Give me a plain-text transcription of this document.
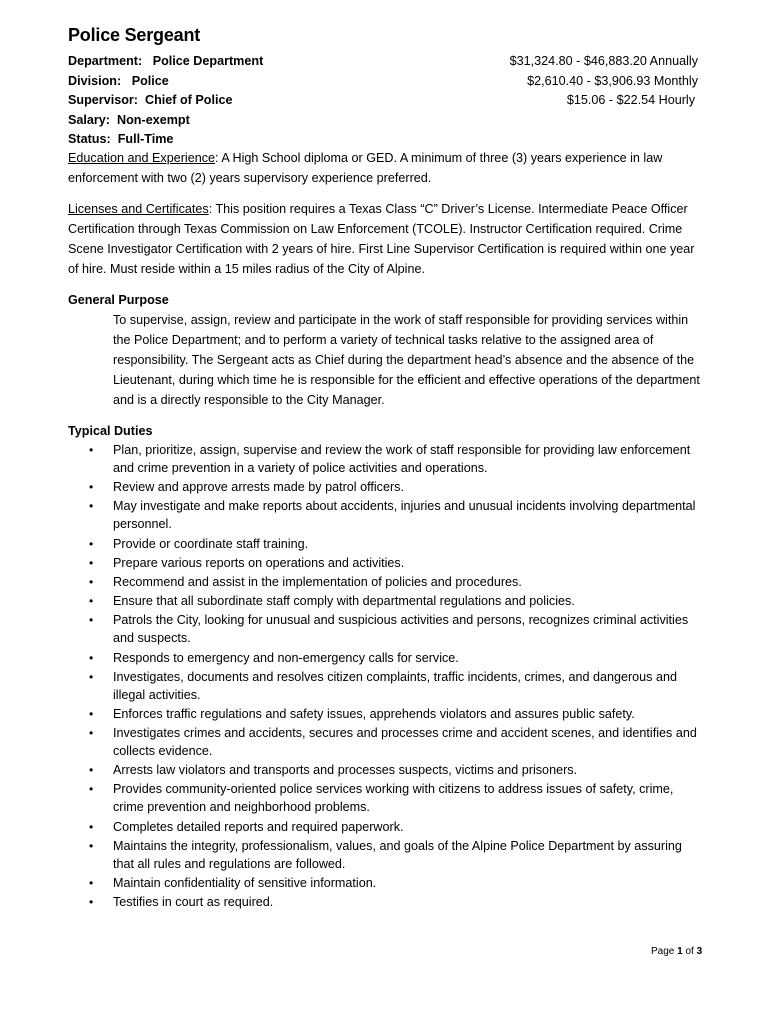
Police Sergeant
Department: Police Department	$31,324.80 - $46,883.20 Annually
Division: Police	$2,610.40 - $3,906.93 Monthly
Supervisor: Chief of Police	$15.06 - $22.54 Hourly
Salary: Non-exempt
Status: Full-Time
Education and Experience: A High School diploma or GED. A minimum of three (3) years experience in law enforcement with two (2) years supervisory experience preferred.
Licenses and Certificates: This position requires a Texas Class “C” Driver’s License. Intermediate Peace Officer Certification through Texas Commission on Law Enforcement (TCOLE). Instructor Certification required. Crime Scene Investigator Certification with 2 years of hire. First Line Supervisor Certification is required within one year of hire. Must reside within a 15 miles radius of the City of Alpine.
General Purpose
To supervise, assign, review and participate in the work of staff responsible for providing services within the Police Department; and to perform a variety of technical tasks relative to the assigned area of responsibility. The Sergeant acts as Chief during the department head’s absence and the absence of the Lieutenant, during which time he is responsible for the efficient and effective operations of the department and is a directly responsible to the City Manager.
Typical Duties
• Plan, prioritize, assign, supervise and review the work of staff responsible for providing law enforcement and crime prevention in a variety of police activities and operations.
• Review and approve arrests made by patrol officers.
• May investigate and make reports about accidents, injuries and unusual incidents involving departmental personnel.
• Provide or coordinate staff training.
• Prepare various reports on operations and activities.
• Recommend and assist in the implementation of policies and procedures.
• Ensure that all subordinate staff comply with departmental regulations and policies.
• Patrols the City, looking for unusual and suspicious activities and persons, recognizes criminal activities and suspects.
• Responds to emergency and non-emergency calls for service.
• Investigates, documents and resolves citizen complaints, traffic incidents, crimes, and dangerous and illegal activities.
• Enforces traffic regulations and safety issues, apprehends violators and assures public safety.
• Investigates crimes and accidents, secures and processes crime and accident scenes, and identifies and collects evidence.
• Arrests law violators and transports and processes suspects, victims and prisoners.
• Provides community-oriented police services working with citizens to address issues of safety, crime, crime prevention and neighborhood problems.
• Completes detailed reports and required paperwork.
• Maintains the integrity, professionalism, values, and goals of the Alpine Police Department by assuring that all rules and regulations are followed.
• Maintain confidentiality of sensitive information.
• Testifies in court as required.
Page 1 of 3
